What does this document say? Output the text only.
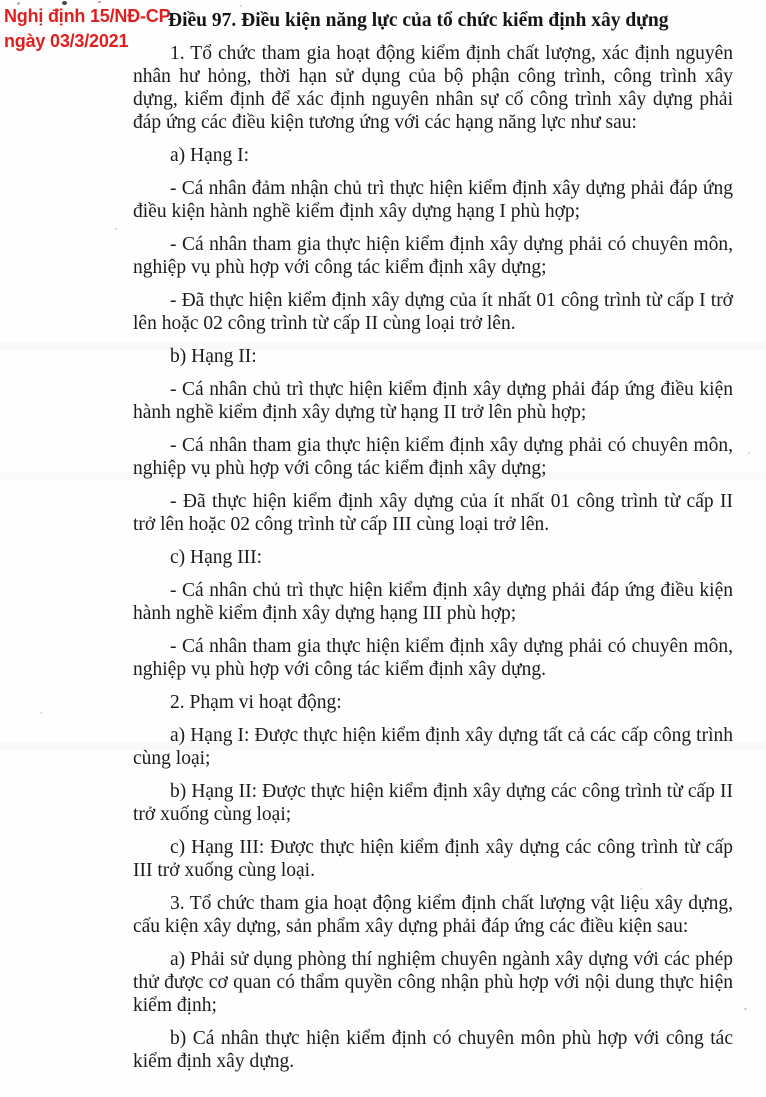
Nghị định 15/NĐ-CP
ngày 03/3/2021
Điều 97. Điều kiện năng lực của tổ chức kiểm định xây dựng

1. Tổ chức tham gia hoạt động kiểm định chất lượng, xác định nguyên nhân hư hỏng, thời hạn sử dụng của bộ phận công trình, công trình xây dựng, kiểm định để xác định nguyên nhân sự cố công trình xây dựng phải đáp ứng các điều kiện tương ứng với các hạng năng lực như sau:

a) Hạng I:

- Cá nhân đảm nhận chủ trì thực hiện kiểm định xây dựng phải đáp ứng điều kiện hành nghề kiểm định xây dựng hạng I phù hợp;

- Cá nhân tham gia thực hiện kiểm định xây dựng phải có chuyên môn, nghiệp vụ phù hợp với công tác kiểm định xây dựng;

- Đã thực hiện kiểm định xây dựng của ít nhất 01 công trình từ cấp I trở lên hoặc 02 công trình từ cấp II cùng loại trở lên.

b) Hạng II:

- Cá nhân chủ trì thực hiện kiểm định xây dựng phải đáp ứng điều kiện hành nghề kiểm định xây dựng từ hạng II trở lên phù hợp;

- Cá nhân tham gia thực hiện kiểm định xây dựng phải có chuyên môn, nghiệp vụ phù hợp với công tác kiểm định xây dựng;

- Đã thực hiện kiểm định xây dựng của ít nhất 01 công trình từ cấp II trở lên hoặc 02 công trình từ cấp III cùng loại trở lên.

c) Hạng III:

- Cá nhân chủ trì thực hiện kiểm định xây dựng phải đáp ứng điều kiện hành nghề kiểm định xây dựng hạng III phù hợp;

- Cá nhân tham gia thực hiện kiểm định xây dựng phải có chuyên môn, nghiệp vụ phù hợp với công tác kiểm định xây dựng.

2. Phạm vi hoạt động:

a) Hạng I: Được thực hiện kiểm định xây dựng tất cả các cấp công trình cùng loại;

b) Hạng II: Được thực hiện kiểm định xây dựng các công trình từ cấp II trở xuống cùng loại;

c) Hạng III: Được thực hiện kiểm định xây dựng các công trình từ cấp III trở xuống cùng loại.

3. Tổ chức tham gia hoạt động kiểm định chất lượng vật liệu xây dựng, cấu kiện xây dựng, sản phẩm xây dựng phải đáp ứng các điều kiện sau:

a) Phải sử dụng phòng thí nghiệm chuyên ngành xây dựng với các phép thử được cơ quan có thẩm quyền công nhận phù hợp với nội dung thực hiện kiểm định;

b) Cá nhân thực hiện kiểm định có chuyên môn phù hợp với công tác kiểm định xây dựng.
